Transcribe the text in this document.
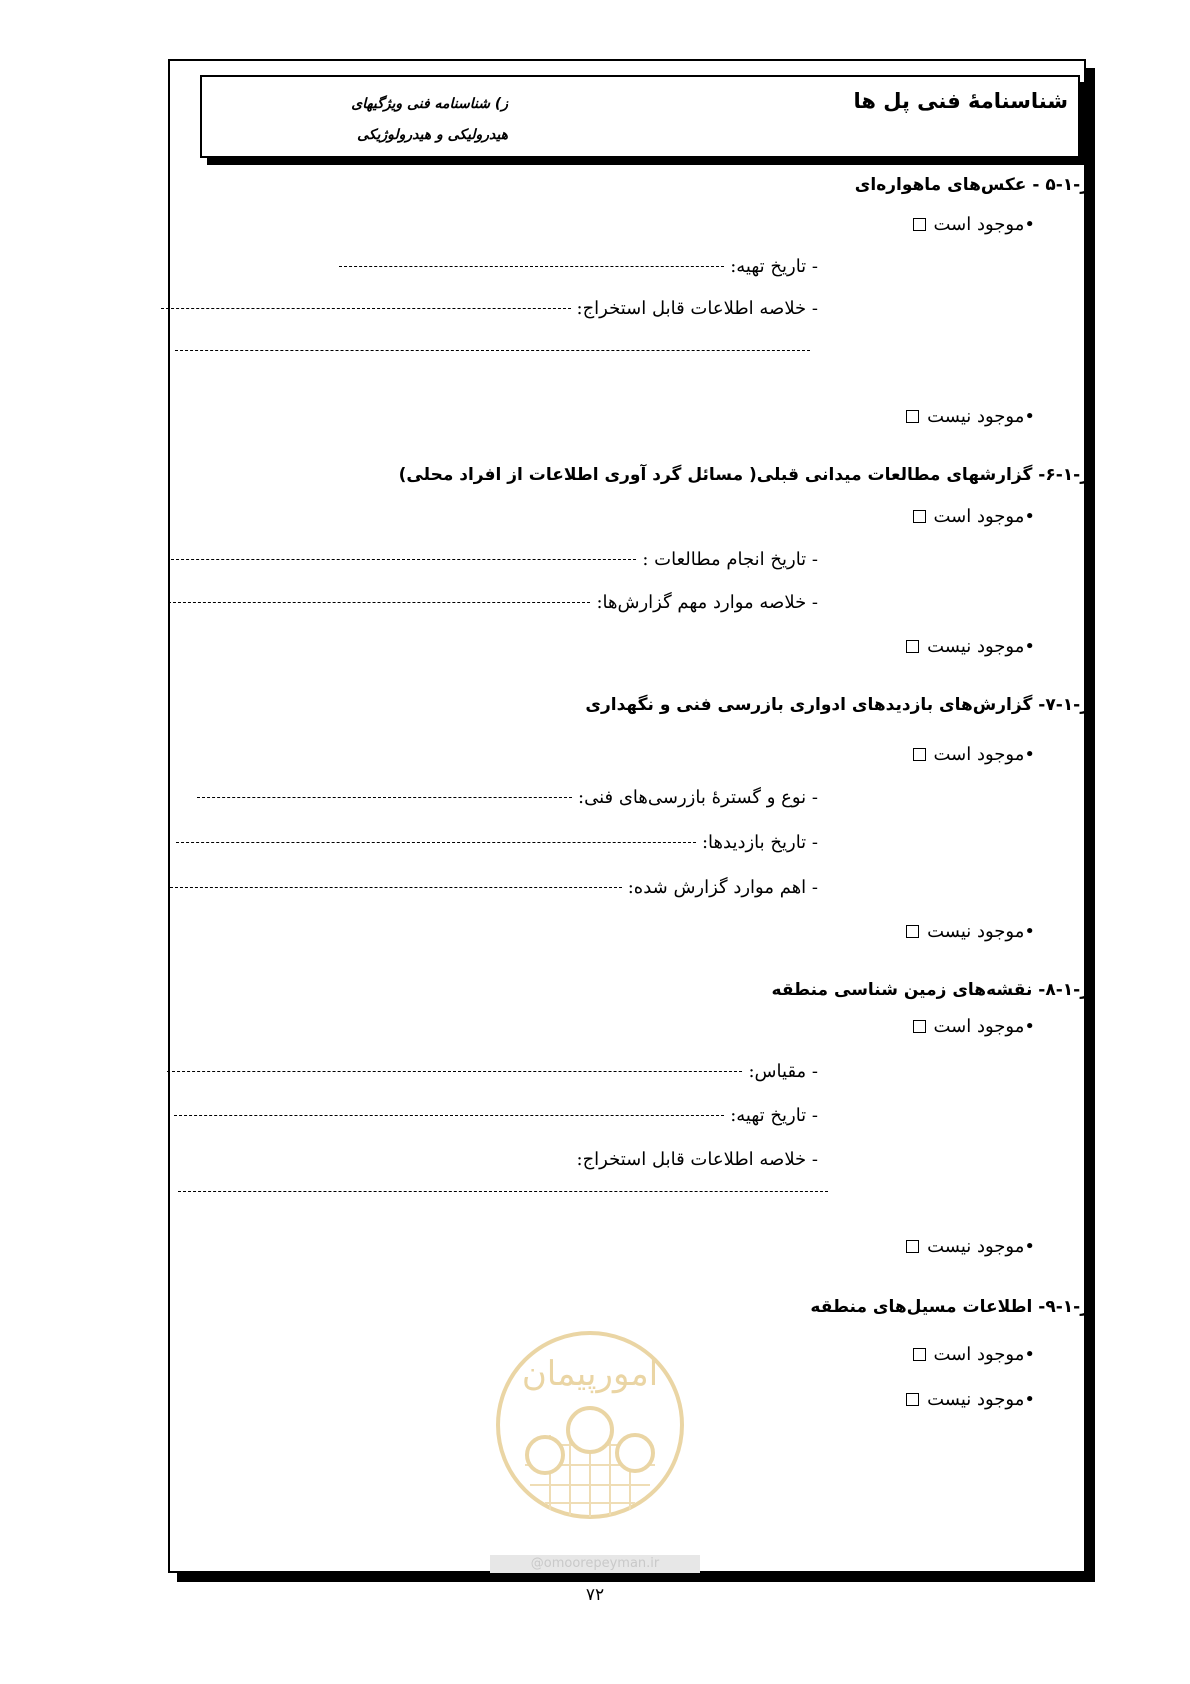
شناسنامهٔ فنی پل ها
ز) شناسنامه فنی ویژگیهای
هیدرولیکی و هیدرولوژیکی
ز-۱-۵ - عکس‌های ماهواره‌ای
•
موجود است
- تاریخ تهیه:
- خلاصه اطلاعات قابل استخراج:
•
موجود نیست
ز-۱-۶- گزارشهای مطالعات میدانی قبلی( مسائل گرد آوری اطلاعات از افراد محلی)
•
موجود است
- تاریخ انجام مطالعات :
- خلاصه موارد مهم گزارش‌ها:
•
موجود نیست
ز-۱-۷- گزارش‌های بازدیدهای ادواری بازرسی فنی و نگهداری
•
موجود است
- نوع و گسترهٔ بازرسی‌های فنی:
- تاریخ بازدیدها:
- اهم موارد گزارش شده:
•
موجود نیست
ز-۱-۸- نقشه‌های زمین شناسی منطقه
•
موجود است
- مقیاس:
- تاریخ تهیه:
- خلاصه اطلاعات قابل استخراج:
•
موجود نیست
ز-۱-۹- اطلاعات مسیل‌های منطقه
•
موجود است
•
موجود نیست
امورپیمان
@omoorepeyman.ir
۷۲
